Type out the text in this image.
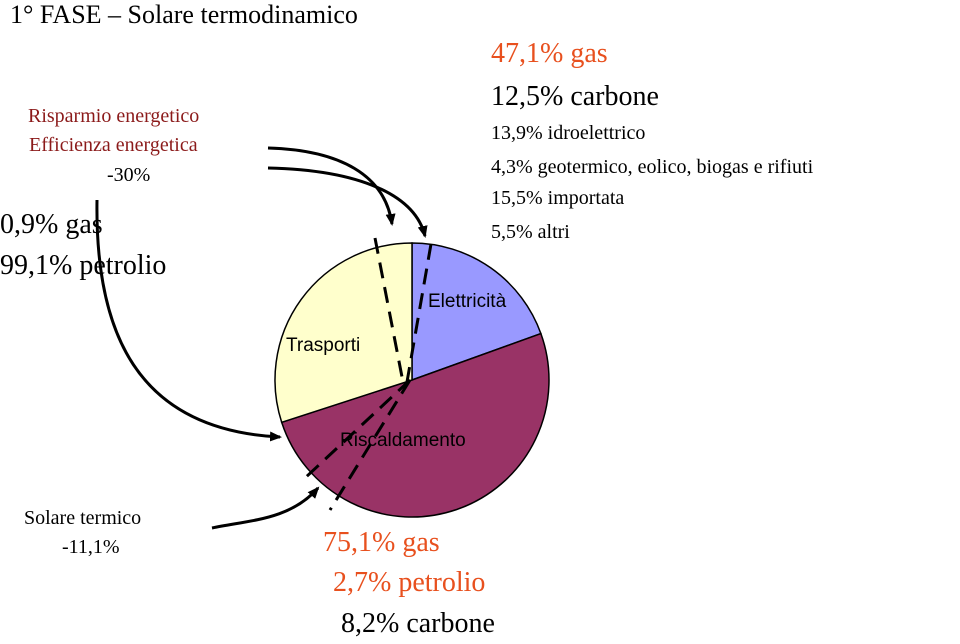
1° FASE – Solare termodinamico
Risparmio energetico
Efficienza energetica
-30%
0,9% gas
99,1% petrolio
47,1% gas
12,5% carbone
13,9% idroelettrico
4,3% geotermico, eolico, biogas e rifiuti
15,5% importata
5,5% altri
Elettricità
Trasporti
Riscaldamento
Solare termico
-11,1%	75,1% gas
2,7% petrolio
8,2% carbone
